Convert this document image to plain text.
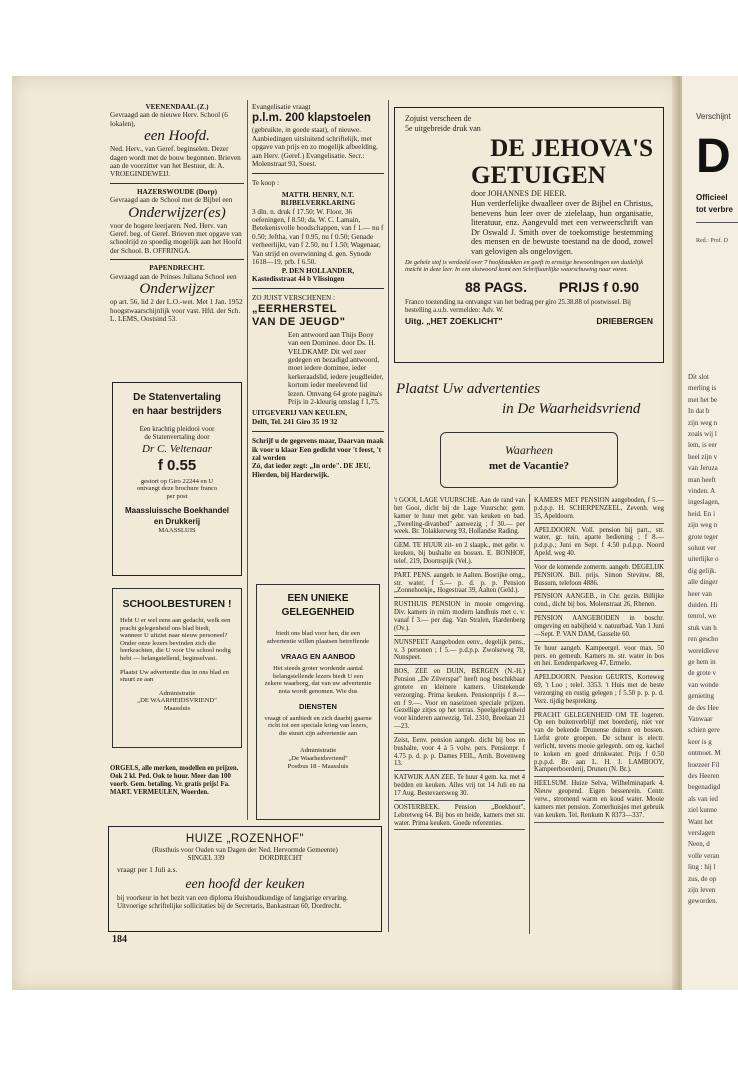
Verschijnt
D
Officieel
tot verbre
Red.: Prof. D
Dit slot
merling is
met het be
In dat b
zijn weg n
zoals wij l
lem, is eer
heel zijn v
van Jeruza
man heeft
vinden. A
ingeslagen,
heid. En i
zijn weg n
grote teger
soluut ver
uiterlijke o
dig gelijk.
alle dinger
heer van
duiden. Hi
tenrol, we
stuk van h
ren gescho
wereldleve
ge hem in
de grote v
van wonde
genieting
de des Hee
Vanwaar
schien gere
keer is g
ontmoet. M
hoezeer Fil
des Heeren
begenadigd
als van ied
ziel kunne
Want het
verslagen
Neen, d
volle veran
ling : hij l
zus, de op
zijn leven
geworden.

VEENENDAAL (Z.)

Gevraagd aan de nieuwe Herv. School (6 lokalen),

een Hoofd.

Ned. Herv., van Geref. beginselen. Dezer dagen wordt met de bouw begonnen. Brieven aan de voorzitter van het Bestuur, dr. A. VROEGINDEWEIJ.

HAZERSWOUDE (Dorp)

Gevraagd aan de School met de Bijbel een

Onderwijzer(es)

voor de hogere leerjaren. Ned. Herv. van Geref. beg. of Geref. Brieven met opgave van schoolrijd zo spoedig mogelijk aan het Hoofd der School. B. OFFRINGA.

PAPENDRECHT.

Gevraagd aan de Prinses Juliana School een

Onderwijzer

op art. 56, lid 2 der L.O.-wet. Met 1 Jan. 1952 hoogstwaarschijnlijk voor vast. Hfd. der Sch. L. LEMS, Oostsind 53.

De Statenvertaling

en haar bestrijders

Een krachtig pleidooi voor de Statenvertaling door

Dr C. Veltenaar

f 0.55

gestort op Giro 22244 en U ontvangt deze brochure franco per post

Maassluissche Boekhandel

en Drukkerij

MAASSLUIS

SCHOOLBESTUREN !

Hebt U er wel eens aan gedacht, welk een pracht gelegenheid ons blad biedt, wanneer U uitziet naar nieuw personeel? Onder onze lezers bevinden zich die leerkrachten, die U voor Uw school nodig hebt — belangstellend, beginselvast.

Plaatst Uw advertentie dus in ons blad en stuurt ze aan

Administratie

„DE WAARHEIDSVRIEND"

Maassluis

ORGELS, alle merken, modellen en prijzen. Ook 2 kl. Ped. Ook te huur. Meer dan 100 voorb. Gem. betaling. Vr. gratis prijs! Fa. MART. VERMEULEN, Woerden.

Evangelisatie vraagt

p.l.m. 200 klapstoelen

(gebruikte, in goede staat), of nieuwe. Aanbiedingen uitsluitend schriftelijk, met opgave van prijs en zo mogelijk afbeelding, aan Herv. (Geref.) Evangelisatie. Secr.: Molenstraat 93, Soest.

Te koop :

MATTH. HENRY, N.T. BIJBELVERKLARING

3 dln. n. druk f 17.50; W. Floor, 36 oefeningen, f 8.50; da. W. C. Lamain, Betekenisvolle boodschappen, van f 1.— nu f 0.50; Jeftha, van f 0.95, nu f 0.50; Genade verheerlijkt, van f 2.50, nu f 1.50; Wagenaar, Van strijd en overwinning d. gen. Synode 1618—19, prb. f 6.50.

P. DEN HOLLANDER,

Kastedisstraat 44 b Vlissingen

ZO JUIST VERSCHENEN :

„EERHERSTEL

VAN DE JEUGD"

Een antwoord aan Thijs Booy van een Dominee. door Ds. H. VELDKAMP. Dit wel zeer gedegen en bezadigd antwoord, moet iedere dominee, ieder kerkeraadslid, iedere jeugdleider, kortom ieder meelevend lid lezen. Omvang 64 grote pagina's Prijs in 2-kleurig omslag f 1,75.

UITGEVERIJ VAN KEULEN,

Delft, Tel. 241 Giro 35 19 32

Schrijf u de gegevens maar, Daarvan maak ik voor u klaar Een gedicht voor 't feest, 't zal worden

Zó, dat ieder zegt: „In orde". DE JEU, Hierden, bij Harderwijk.

EEN UNIEKE

GELEGENHEID

biedt ons blad voor hen, die een advertentie willen plaatsen betreffende

VRAAG EN AANBOD

Het steeds groter wordende aantal belangstellende lezers biedt U een zekere waarborg, dat van uw advertentie nota wordt genomen. Wie dus

DIENSTEN

vraagt of aanbiedt en zich daarbij gaarne richt tot een speciale kring van lezers, die stuurt zijn advertentie aan

Administratie

„De Waarheidsvriend"

Postbus 18 - Maassluis

Zojuist verscheen de

5e uitgebreide druk van

DE JEHOVA'S

GETUIGEN

door JOHANNES DE HEER.

Hun verderfelijke dwaalleer over de Bijbel en Christus, benevens hun leer over de zielelaap, hun organisatie, literatuur, enz. Aangevuld met een verweerschrift van Dr Oswald J. Smith over de toekomstige bestemming des mensen en de bewuste toestand na de dood, zowel van gelovigen als ongelovigen.

De gehele stof is verdeeld over 7 hoofdstukken en geeft in ernstige bewoordingen een duidelijk inzicht in deze leer. In een slotwoord komt een Schriftuurlijke waarschuwing naar voren.

88 PAGS. PRIJS f 0.90

Franco toezending na ontvangst van het bedrag per giro 25.38.88 of postwissel. Bij bestelling a.u.b. vermelden: Adv. W.

Uitg. „HET ZOEKLICHT"	DRIEBERGEN
Plaatst Uw advertenties
in De Waarheidsvriend

Waarheen

met de Vacantie?

't GOOI, LAGE VUURSCHE. Aan de rand van het Gooi, dicht bij de Lage Vuursche: gem. kamer te huur met gebr. van keuken en bad. „Tweeling-divanbed" aanwezig ; f 30.— per week. Br. Tolakkerweg 93, Hollandse Rading.

GEM. TE HUUR zit- en 2 slaapk., met gebr. v. keuken, bij bushalte en bossen. E. BONHOF, telef. 219, Doornspijk (Vel.).

PART. PENS. aangeb. te Aalten. Bosrijke omg., str. water, f 5.— p. d. p. p. Pension „Zonnehoekje„ Hogestraat 39, Aalten (Geld.).

RUSTHUIS PENSION in mooie omgeving. Div. kamers in ruim modern landhuis met c. v. vanaf f 3.— per dag. Van Stralen, Hardenberg (Ov.).

NUNSPEET Aangeboden eenv., degelijk pens., v. 3 personen ; f 5.— p.d.p.p. Zwolseweg 78, Nunspeet.

BOS, ZEE en DUIN, BERGEN (N.-H.) Pension „De Zilverspar" heeft nog beschikbaar grotere en kleinere kamers. Uitstekende verzorging. Prima keuken. Pensionprijs f 8.— en f 9.—. Voor en naseizoen speciale prijzen. Gezellige zitjes op het terras. Speelgelegenheid voor kinderen aanwezig. Tel. 2310, Breelaan 21—23.

Zeist, Eenv. pension aangeb. dicht bij bos en bushalte, voor 4 à 5 volw. pers. Pensionpr. f 4.75 p. d. p. p. Dames FEIL, Arnh. Bovenweg 13.

KATWIJK AAN ZEE. Te huur 4 gem. ka. met 4 bedden en keuken. Alles vrij tot 14 Juli en na 17 Aug. Bestevaersweg 30.

OOSTERBEEK. Pension „Boekhout", Lebretweg 64. Bij bos en heide, kamers met str. water. Prima keuken. Goede referenties.

KAMERS MET PENSION aangeboden, f 5.— p.d.p.p. H. SCHERPENZEEL, Zevenh. weg 35, Apeldoorn.

APELDOORN. Voll. pension bij part., str. water, gr. tuin, aparte bediening ; f 8.— p.d.p.p.; Juni en Sept. f 4.50 p.d.p.p. Noord Apeld. weg 40.

Voor de komende zomerm. aangeb. DEGELIJK PENSION. Bill. prijs. Simon Stevinw. 88, Bussum, telefoon 4886.

PENSION AANGEB., in Chr. gezin. Billijke cond., dicht bij bos. Molenstraat 26, Rhenen.

PENSION AANGEBODEN in boschr. omgeving en nabijheid v. natuurbad. Van 1 Juni—Sept. P. VAN DAM, Gasselte 60.

Te huur aangeb. Kampeergel. voor max. 50 pers. en gemeub. Kamers m. str. water in bos en hei. Eendenparkweg 47, Ermelo.

APELDOORN. Pension GEURTS, Korteweg 69, 't Loo ; telef. 3353. 't Huis met de beste verzorging en rustig gelegen ; f 5.50 p. p. p. d. Verz. tijdig bespreking.

PRACHT GELEGENHEID OM TE logeren. Op een buitenverblijf met boerderij, niet ver van de bekende Drunense duinen en bossen. Liefst grote groepen. De schuur is electr. verlicht, tevens mooie gelegenh. om eg. kachel te koken en goed drinkwater. Prijs f 0.50 p.p.p.d. Br. aan L. H. J. LAMBOOY, Kampeerboerderij, Drunen (N. Br.).

HEELSUM. Huize Selva, Wilhelminapark 4. Nieuw geopend. Eigen bessenrein. Centr. verw., stromend warm en koud water. Mooie kamers met pension. Zomerhuisjes met gebruik van keuken. Tel. Renkum K 8373—337.

HUIZE „ROZENHOF"

(Rusthuis voor Ouden van Dagen der Ned. Hervormde Gemeente)

SINGEL 339                    DORDRECHT

vraagt per 1 Juli a.s.

een hoofd der keuken

bij voorkeur in het bezit van een diploma Huishoudkundige of langjarige ervaring. Uitvoerige schriftelijke sollicitaties bij de Secretaris, Bankastraat 60, Dordrecht.

184
